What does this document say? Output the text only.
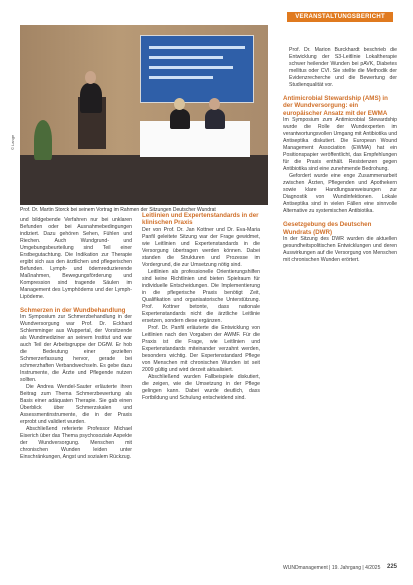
VERANSTALTUNGSBERICHT
© Lange
Prof. Dr. Martin Storck bei seinem Vortrag im Rahmen der Sitzungen Deutscher Wundrat

und bildgebende Verfahren nur bei unklaren Befunden oder bei Ausnahmebedingungen indiziert. Dazu gehören Sehen, Fühlen und Riechen. Auch Wundgrund- und Umgebungsbeurteilung sind Teil einer Erstbegutachtung. Die Indikation zur Therapie ergibt sich aus den ärztlichen und pflegerischen Befunden. Lymph- und ödemreduzierende Maßnahmen, Bewegungsförderung und Kompression sind tragende Säulen im Management des Lymphödems und der Lymph-Lipödeme.

Schmerzen in der Wundbehandlung

Im Symposium zur Schmerzbehandlung in der Wundversorgung war Prof. Dr. Eckhard Schlemminger aus Wuppertal, der Vorsitzende als Wundmediziner an seinem Institut und war auch Teil der Arbeitsgruppe der DGfW. Er hob die Bedeutung einer gezielten Schmerzerfassung hervor, gerade bei schmerzhaften Verbandwechseln. Es gebe dazu Instrumente, die Ärzte und Pflegende nutzen sollten.

Die Andrea Wendel-Sauter erläuterte ihren Beitrag zum Thema Schmerzbewertung als Basis einer adäquaten Therapie. Sie gab einen Überblick über Schmerzskalen und Assessmentinstrumente, die in der Praxis erprobt und validiert wurden.

Abschließend referierte Professor Michael Eiserich über das Thema psychosoziale Aspekte der Wundversorgung. Menschen mit chronischen Wunden leiden unter Einschränkungen, Angst und sozialem Rückzug.

Leitlinien und Expertenstandards in der klinischen Praxis

Der von Prof. Dr. Jan Kottner und Dr. Eva-Maria Panfil geleitete Sitzung war der Frage gewidmet, wie Leitlinien und Expertenstandards in die Versorgung übertragen werden können. Dabei standen die Strukturen und Prozesse im Vordergrund, die zur Umsetzung nötig sind.

Leitlinien als professionelle Orientierungshilfen sind keine Richtlinien und bieten Spielraum für individuelle Entscheidungen. Die Implementierung in die pflegerische Praxis benötigt Zeit, Qualifikation und organisatorische Unterstützung. Prof. Kottner betonte, dass nationale Expertenstandards nicht die ärztliche Leitlinie ersetzen, sondern diese ergänzen.

Prof. Dr. Panfil erläuterte die Entwicklung von Leitlinien nach den Vorgaben der AWMF. Für die Praxis ist die Frage, wie Leitlinien und Expertenstandards miteinander verzahnt werden, besonders wichtig. Der Expertenstandard Pflege von Menschen mit chronischen Wunden ist seit 2009 gültig und wird derzeit aktualisiert.

Abschließend wurden Fallbeispiele diskutiert, die zeigen, wie die Umsetzung in der Pflege gelingen kann. Dabei wurde deutlich, dass Fortbildung und Schulung entscheidend sind.

Prof. Dr. Marion Burckhardt beschrieb die Entwicklung der S3-Leitlinie Lokaltherapie schwer heilender Wunden bei pAVK, Diabetes mellitus oder CVI. Sie stellte die Methodik der Evidenzrecherche und die Bewertung der Studienqualität vor.

Antimicrobial Stewardship (AMS) in der Wundversorgung: ein europäischer Ansatz mit der EWMA

Im Symposium zum Antimicrobial Stewardship wurde die Rolle der Wundexperten im verantwortungsvollen Umgang mit Antibiotika und Antiseptika diskutiert. Die European Wound Management Association (EWMA) hat ein Positionspapier veröffentlicht, das Empfehlungen für die Praxis enthält. Resistenzen gegen Antibiotika sind eine zunehmende Bedrohung.

Gefordert wurde eine enge Zusammenarbeit zwischen Ärzten, Pflegenden und Apothekern sowie klare Handlungsanweisungen zur Diagnostik von Wundinfektionen. Lokale Antiseptika sind in vielen Fällen eine sinnvolle Alternative zu systemischen Antibiotika.

Gesetzgebung des Deutschen Wundrats (DWR)

In der Sitzung des DWR wurden die aktuellen gesundheitspolitischen Entwicklungen und deren Auswirkungen auf die Versorgung von Menschen mit chronischen Wunden erörtert.

WUNDmanagement | 19. Jahrgang | 4/2025 225
